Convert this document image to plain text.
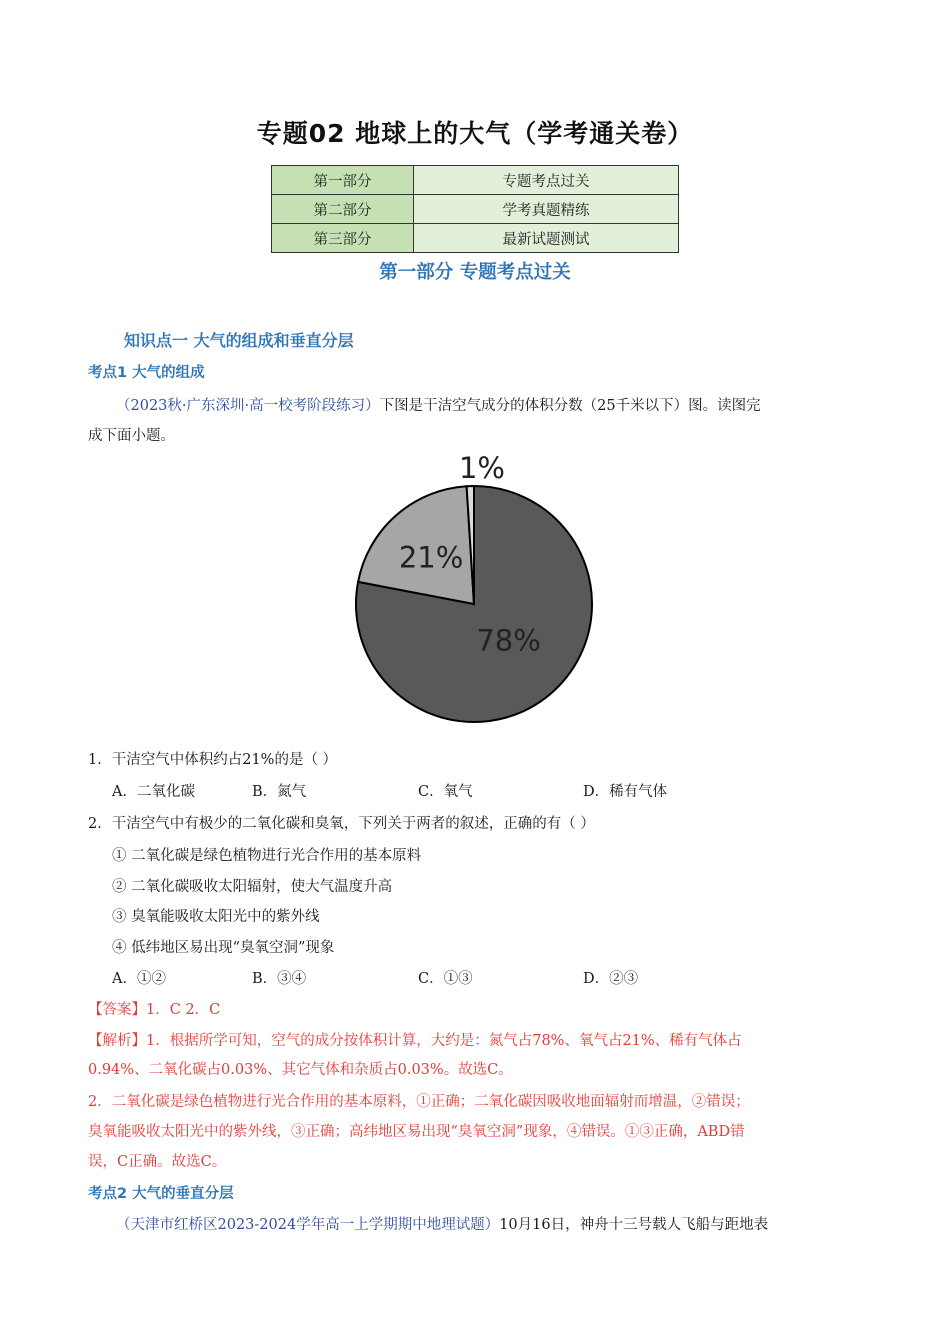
专题02 地球上的大气（学考通关卷）
第一部分	专题考点过关
第二部分	学考真题精练
第三部分	最新试题测试
第一部分 专题考点过关
知识点一 大气的组成和垂直分层
考点1 大气的组成
（2023秋·广东深圳·高一校考阶段练习）下图是干洁空气成分的体积分数（25千米以下）图。读图完
成下面小题。
78%
21%
1%
1．干洁空气中体积约占21%的是（ ）
A．二氧化碳	B．氮气	C．氧气	D．稀有气体
2．干洁空气中有极少的二氧化碳和臭氧，下列关于两者的叙述，正确的有（ ）
① 二氧化碳是绿色植物进行光合作用的基本原料
② 二氧化碳吸收太阳辐射，使大气温度升高
③ 臭氧能吸收太阳光中的紫外线
④ 低纬地区易出现“臭氧空洞”现象
A．①②	B．③④	C．①③	D．②③
【答案】1．C 2．C
【解析】1．根据所学可知，空气的成分按体积计算，大约是：氮气占78%、氧气占21%、稀有气体占
0.94%、二氧化碳占0.03%、其它气体和杂质占0.03%。故选C。
2．二氧化碳是绿色植物进行光合作用的基本原料，①正确；二氧化碳因吸收地面辐射而增温，②错误；
臭氧能吸收太阳光中的紫外线，③正确；高纬地区易出现“臭氧空洞”现象，④错误。①③正确，ABD错
误，C正确。故选C。
考点2 大气的垂直分层
（天津市红桥区2023-2024学年高一上学期期中地理试题）10月16日，神舟十三号载人飞船与距地表
